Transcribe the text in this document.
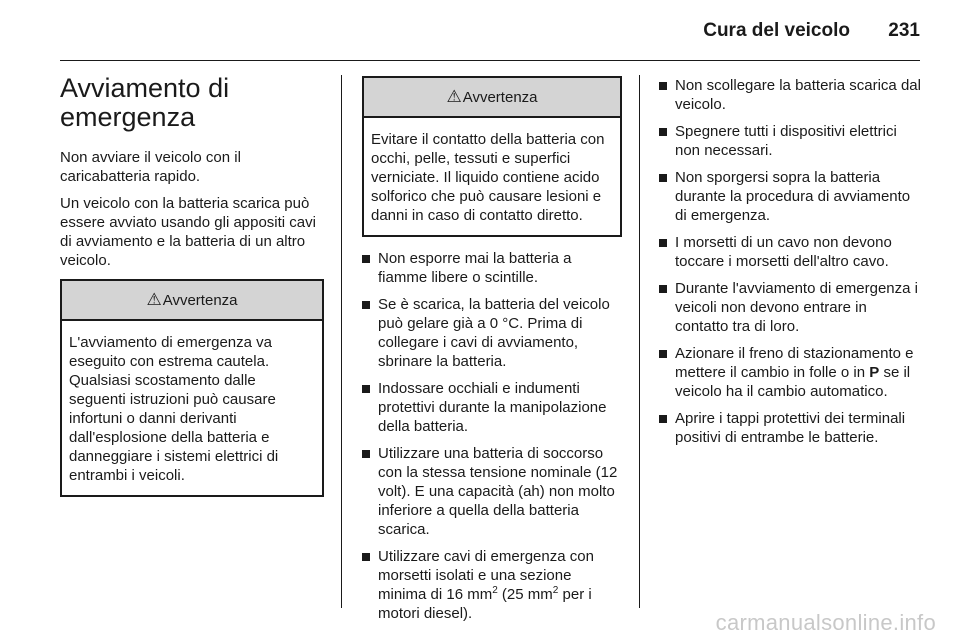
Cura del veicolo 231
Avviamento di emergenza

Non avviare il veicolo con il caricabatteria rapido.

Un veicolo con la batteria scarica può essere avviato usando gli appositi cavi di avviamento e la batteria di un altro veicolo.

⚠Avvertenza
L'avviamento di emergenza va eseguito con estrema cautela. Qualsiasi scostamento dalle seguenti istruzioni può causare infortuni o danni derivanti dall'esplosione della batteria e danneggiare i sistemi elettrici di entrambi i veicoli.
⚠Avvertenza
Evitare il contatto della batteria con occhi, pelle, tessuti e superfici verniciate. Il liquido contiene acido solforico che può causare lesioni e danni in caso di contatto diretto.
Non esporre mai la batteria a fiamme libere o scintille.
Se è scarica, la batteria del veicolo può gelare già a 0 °C. Prima di collegare i cavi di avviamento, sbrinare la batteria.
Indossare occhiali e indumenti protettivi durante la manipolazione della batteria.
Utilizzare una batteria di soccorso con la stessa tensione nominale (12 volt). E una capacità (ah) non molto inferiore a quella della batteria scarica.
Utilizzare cavi di emergenza con morsetti isolati e una sezione minima di 16 $mm^2$ (25 $mm^2$ per i motori diesel).
Non scollegare la batteria scarica dal veicolo.
Spegnere tutti i dispositivi elettrici non necessari.
Non sporgersi sopra la batteria durante la procedura di avviamento di emergenza.
I morsetti di un cavo non devono toccare i morsetti dell'altro cavo.
Durante l'avviamento di emergenza i veicoli non devono entrare in contatto tra di loro.
Azionare il freno di stazionamento e mettere il cambio in folle o in P se il veicolo ha il cambio automatico.
Aprire i tappi protettivi dei terminali positivi di entrambe le batterie.
carmanualsonline.info
